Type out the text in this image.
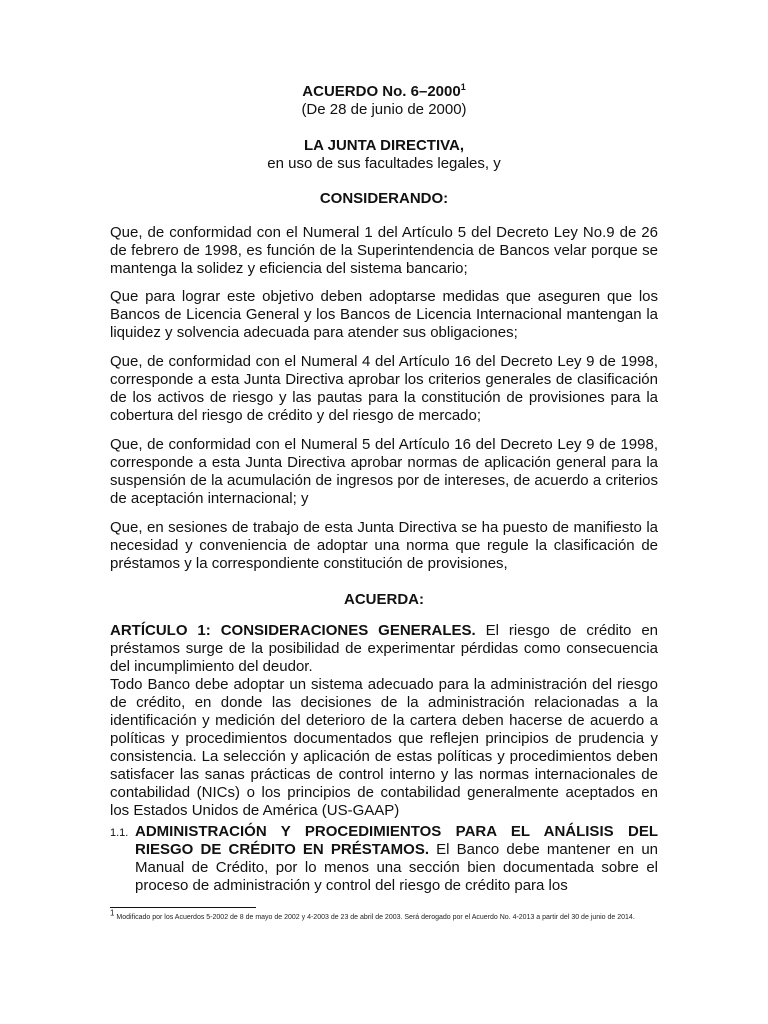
ACUERDO No. 6–2000$^1$
(De 28 de junio de 2000)
LA JUNTA DIRECTIVA,
en uso de sus facultades legales, y
CONSIDERANDO:

Que, de conformidad con el Numeral 1 del Artículo 5 del Decreto Ley No.9 de 26 de febrero de 1998, es función de la Superintendencia de Bancos velar porque se mantenga la solidez y eficiencia del sistema bancario;

Que para lograr este objetivo deben adoptarse medidas que aseguren que los Bancos de Licencia General y los Bancos de Licencia Internacional mantengan la liquidez y solvencia adecuada para atender sus obligaciones;

Que, de conformidad con el Numeral 4 del Artículo 16 del Decreto Ley 9 de 1998, corresponde a esta Junta Directiva aprobar los criterios generales de clasificación de los activos de riesgo y las pautas para la constitución de provisiones para la cobertura del riesgo de crédito y del riesgo de mercado;

Que, de conformidad con el Numeral 5 del Artículo 16 del Decreto Ley 9 de 1998, corresponde a esta Junta Directiva aprobar normas de aplicación general para la suspensión de la acumulación de ingresos por de intereses, de acuerdo a criterios de aceptación internacional; y

Que, en sesiones de trabajo de esta Junta Directiva se ha puesto de manifiesto la necesidad y conveniencia de adoptar una norma que regule la clasificación de préstamos y la correspondiente constitución de provisiones,

ACUERDA:

ARTÍCULO 1: CONSIDERACIONES GENERALES. El riesgo de crédito en préstamos surge de la posibilidad de experimentar pérdidas como consecuencia del incumplimiento del deudor.

Todo Banco debe adoptar un sistema adecuado para la administración del riesgo de crédito, en donde las decisiones de la administración relacionadas a la identificación y medición del deterioro de la cartera deben hacerse de acuerdo a políticas y procedimientos documentados que reflejen principios de prudencia y consistencia. La selección y aplicación de estas políticas y procedimientos deben satisfacer las sanas prácticas de control interno y las normas internacionales de contabilidad (NICs) o los principios de contabilidad generalmente aceptados en los Estados Unidos de América (US-GAAP)

1.1. ADMINISTRACIÓN Y PROCEDIMIENTOS PARA EL ANÁLISIS DEL RIESGO DE CRÉDITO EN PRÉSTAMOS. El Banco debe mantener en un Manual de Crédito, por lo menos una sección bien documentada sobre el proceso de administración y control del riesgo de crédito para los

$^1$ Modificado por los Acuerdos 5-2002 de 8 de mayo de 2002 y 4-2003 de 23 de abril de 2003. Será derogado por el Acuerdo No. 4-2013 a partir del 30 de junio de 2014.
